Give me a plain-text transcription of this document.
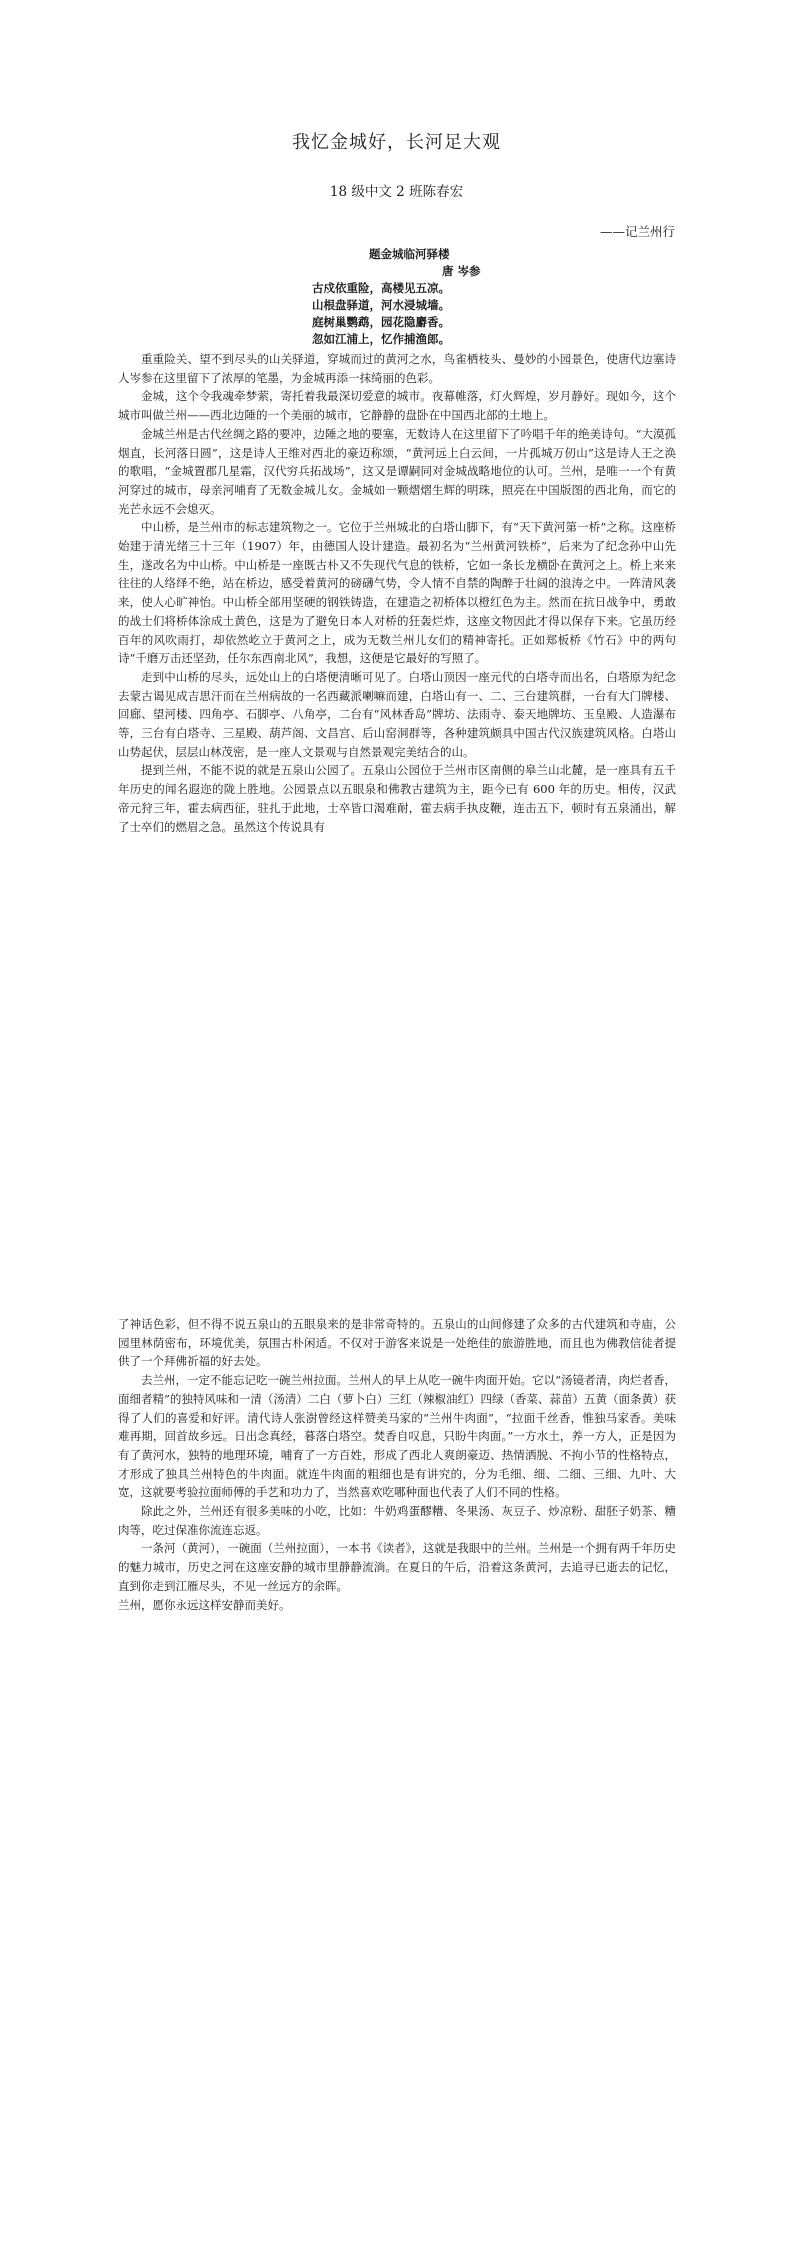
我忆金城好，长河足大观
18 级中文 2 班陈春宏
——记兰州行
题金城临河驿楼
唐 岑参
古戍依重险，高楼见五凉。
山根盘驿道，河水浸城墙。
庭树巢鹦鹉，园花隐麝香。
忽如江浦上，忆作捕渔郎。

重重险关、望不到尽头的山关驿道，穿城而过的黄河之水，鸟雀栖枝头、曼妙的小园景色，使唐代边塞诗人岑参在这里留下了浓厚的笔墨，为金城再添一抹绮丽的色彩。

金城，这个令我魂牵梦萦，寄托着我最深切爱意的城市。夜幕帷落，灯火辉煌，岁月静好。现如今，这个城市叫做兰州——西北边陲的一个美丽的城市，它静静的盘卧在中国西北部的土地上。

金城兰州是古代丝绸之路的要冲，边陲之地的要塞，无数诗人在这里留下了吟唱千年的绝美诗句。“大漠孤烟直，长河落日圆”，这是诗人王维对西北的豪迈称颂，“黄河远上白云间，一片孤城万仞山”这是诗人王之涣的歌唱，“金城置郡几星霜，汉代穷兵拓战场”，这又是谭嗣同对金城战略地位的认可。兰州，是唯一一个有黄河穿过的城市，母亲河哺育了无数金城儿女。金城如一颗熠熠生辉的明珠，照亮在中国版图的西北角，而它的光芒永远不会熄灭。

中山桥，是兰州市的标志建筑物之一。它位于兰州城北的白塔山脚下，有“天下黄河第一桥”之称。这座桥始建于清光绪三十三年（1907）年，由德国人设计建造。最初名为“兰州黄河铁桥”，后来为了纪念孙中山先生，遂改名为中山桥。中山桥是一座既古朴又不失现代气息的铁桥，它如一条长龙横卧在黄河之上。桥上来来往往的人络绎不绝，站在桥边，感受着黄河的磅礴气势，令人情不自禁的陶醉于壮阔的浪涛之中。一阵清风袭来，使人心旷神怡。中山桥全部用坚硬的钢铁铸造，在建造之初桥体以橙红色为主。然而在抗日战争中，勇敢的战士们将桥体涂成土黄色，这是为了避免日本人对桥的狂轰烂炸，这座文物因此才得以保存下来。它虽历经百年的风吹雨打，却依然屹立于黄河之上，成为无数兰州儿女们的精神寄托。正如郑板桥《竹石》中的两句诗“千磨万击还坚劲，任尔东西南北风”，我想，这便是它最好的写照了。

走到中山桥的尽头，远处山上的白塔便清晰可见了。白塔山顶因一座元代的白塔寺而出名，白塔原为纪念去蒙古谒见成吉思汗而在兰州病故的一名西藏派喇嘛而建，白塔山有一、二、三台建筑群，一台有大门牌楼、回廊、望河楼、四角亭、石脚亭、八角亭，二台有“风林香岛”牌坊、法雨寺、泰天地牌坊、玉皇殿、人造瀑布等，三台有白塔寺、三星殿、葫芦阁、文昌宫、后山窑洞群等，各种建筑颇具中国古代汉族建筑风格。白塔山山势起伏，层层山林茂密，是一座人文景观与自然景观完美结合的山。

提到兰州，不能不说的就是五泉山公园了。五泉山公园位于兰州市区南侧的皋兰山北麓，是一座具有五千年历史的闻名遐迩的陇上胜地。公园景点以五眼泉和佛教古建筑为主，距今已有 600 年的历史。相传，汉武帝元狩三年，霍去病西征，驻扎于此地，士卒皆口渴难耐，霍去病手执皮鞭，连击五下，顿时有五泉涌出，解了士卒们的燃眉之急。虽然这个传说具有

了神话色彩，但不得不说五泉山的五眼泉来的是非常奇特的。五泉山的山间修建了众多的古代建筑和寺庙，公园里林荫密布，环境优美，氛围古朴闲适。不仅对于游客来说是一处绝佳的旅游胜地，而且也为佛教信徒者提供了一个拜佛祈福的好去处。

去兰州，一定不能忘记吃一碗兰州拉面。兰州人的早上从吃一碗牛肉面开始。它以“汤镜者清，肉烂者香，面细者精”的独特风味和一清（汤清）二白（萝卜白）三红（辣椒油红）四绿（香菜、蒜苗）五黄（面条黄）获得了人们的喜爱和好评。清代诗人张澍曾经这样赞美马家的“兰州牛肉面”，“拉面千丝香，惟独马家香。美味难再期，回首故乡远。日出念真经，暮落白塔空。焚香自叹息，只盼牛肉面。”一方水土，养一方人，正是因为有了黄河水，独特的地理环境，哺育了一方百姓，形成了西北人爽朗豪迈、热情洒脱、不拘小节的性格特点，才形成了独具兰州特色的牛肉面。就连牛肉面的粗细也是有讲究的，分为毛细、细、二细、三细、九叶、大宽，这就要考验拉面师傅的手艺和功力了，当然喜欢吃哪种面也代表了人们不同的性格。

除此之外，兰州还有很多美味的小吃，比如：牛奶鸡蛋醪糟、冬果汤、灰豆子、炒凉粉、甜胚子奶茶、糟肉等，吃过保准你流连忘返。

一条河（黄河），一碗面（兰州拉面），一本书《读者》，这就是我眼中的兰州。兰州是一个拥有两千年历史的魅力城市，历史之河在这座安静的城市里静静流淌。在夏日的午后，沿着这条黄河，去追寻已逝去的记忆，直到你走到江雁尽头，不见一丝远方的余晖。

兰州，愿你永远这样安静而美好。
